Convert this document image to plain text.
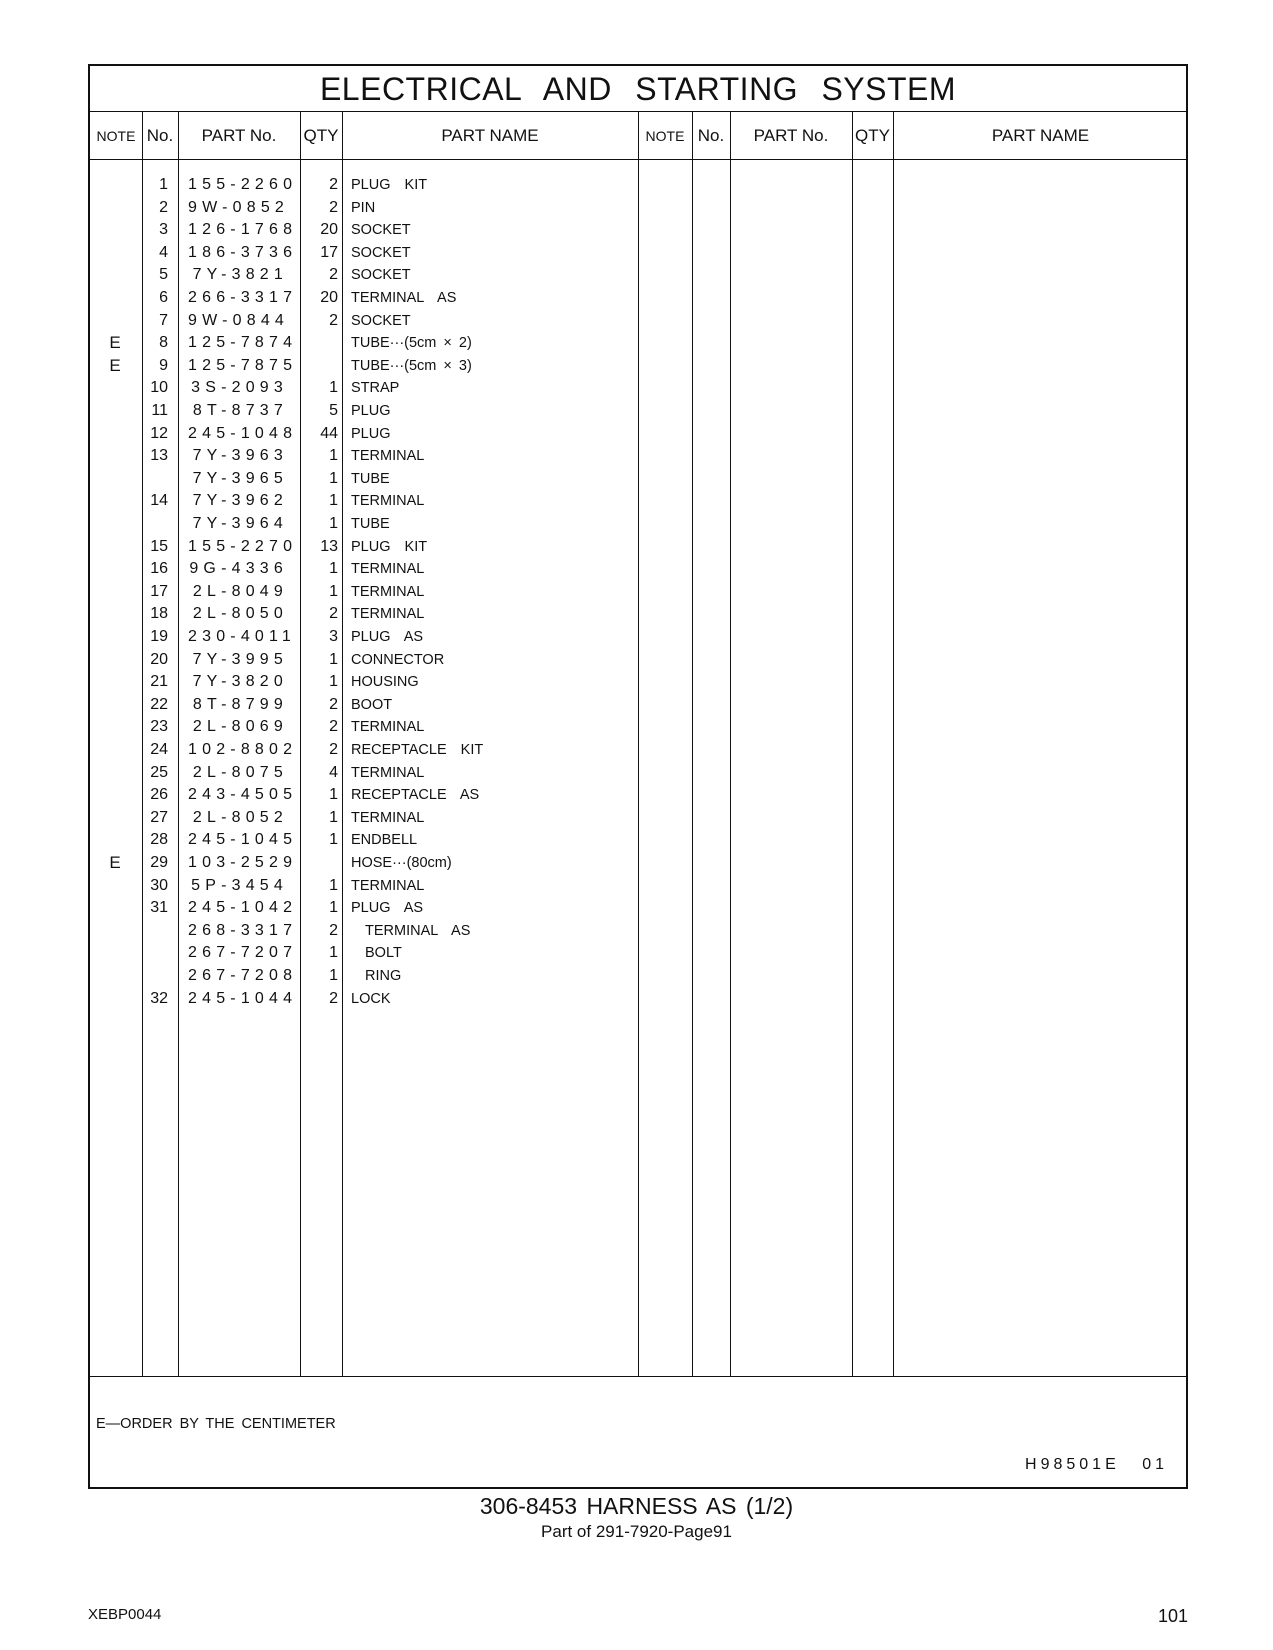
ELECTRICAL AND STARTING SYSTEM
NOTE No.	PART No.	QTY	PART NAME	NOTE No.	PART No.	QTY	PART NAME
1 155-2260	2 PLUG  KIT
2 9W-0852	2 PIN
3 126-1768	20 SOCKET
4 186-3736	17 SOCKET
5 7Y-3821	2 SOCKET
6 266-3317	20 TERMINAL  AS
7 9W-0844	2 SOCKET
E	8 125-7874	TUBE···(5cm × 2)
E	9 125-7875	TUBE···(5cm × 3)
10 3S-2093	1 STRAP
11	8T-8737	5 PLUG
12 245-1048	44 PLUG
13 7Y-3963	1 TERMINAL
7Y-3965	1 TUBE
14 7Y-3962	1 TERMINAL
7Y-3964	1 TUBE
15 155-2270	13 PLUG  KIT
16 9G-4336	1 TERMINAL
17	2L-8049	1 TERMINAL
18	2L-8050	2 TERMINAL
19 230-4011	3 PLUG  AS
20 7Y-3995	1 CONNECTOR
21 7Y-3820	1 HOUSING
22	8T-8799	2 BOOT
23	2L-8069	2 TERMINAL
24 102-8802	2 RECEPTACLE  KIT
25	2L-8075	4 TERMINAL
26 243-4505	1 RECEPTACLE  AS
27	2L-8052	1 TERMINAL
28 245-1045	1 ENDBELL
E	29 103-2529	HOSE···(80cm)
30 5P-3454	1 TERMINAL
31 245-1042	1 PLUG  AS
268-3317	2 TERMINAL  AS
267-7207	1 BOLT
267-7208	1 RING
32 245-1044	2 LOCK
E―ORDER BY THE CENTIMETER
H98501E 01
306-8453 HARNESS AS (1/2)
Part of 291-7920-Page91
XEBP0044	101
